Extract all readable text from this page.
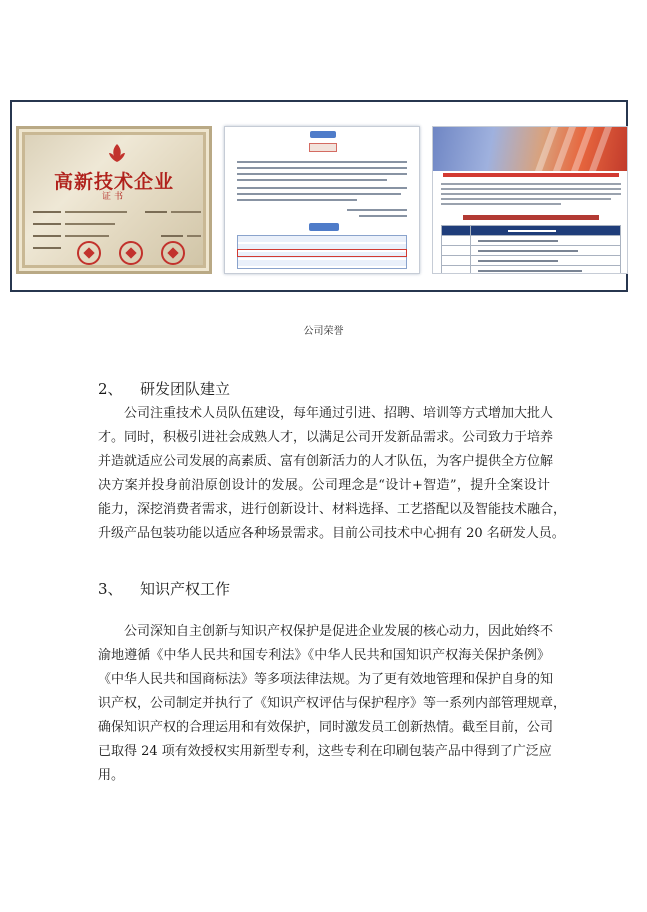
高新技术企业
证书
公司荣誉
2、	研发团队建立
公司注重技术人员队伍建设，每年通过引进、招聘、培训等方式增加大批人
才。同时，积极引进社会成熟人才，以满足公司开发新品需求。公司致力于培养
并造就适应公司发展的高素质、富有创新活力的人才队伍，为客户提供全方位解
决方案并投身前沿原创设计的发展。公司理念是“设计+智造”，提升全案设计
能力，深挖消费者需求，进行创新设计、材料选择、工艺搭配以及智能技术融合，
升级产品包装功能以适应各种场景需求。目前公司技术中心拥有 20 名研发人员。
3、	知识产权工作
公司深知自主创新与知识产权保护是促进企业发展的核心动力，因此始终不
渝地遵循《中华人民共和国专利法》《中华人民共和国知识产权海关保护条例》
《中华人民共和国商标法》等多项法律法规。为了更有效地管理和保护自身的知
识产权，公司制定并执行了《知识产权评估与保护程序》等一系列内部管理规章，
确保知识产权的合理运用和有效保护，同时激发员工创新热情。截至目前，公司
已取得 24 项有效授权实用新型专利，这些专利在印刷包装产品中得到了广泛应
用。
